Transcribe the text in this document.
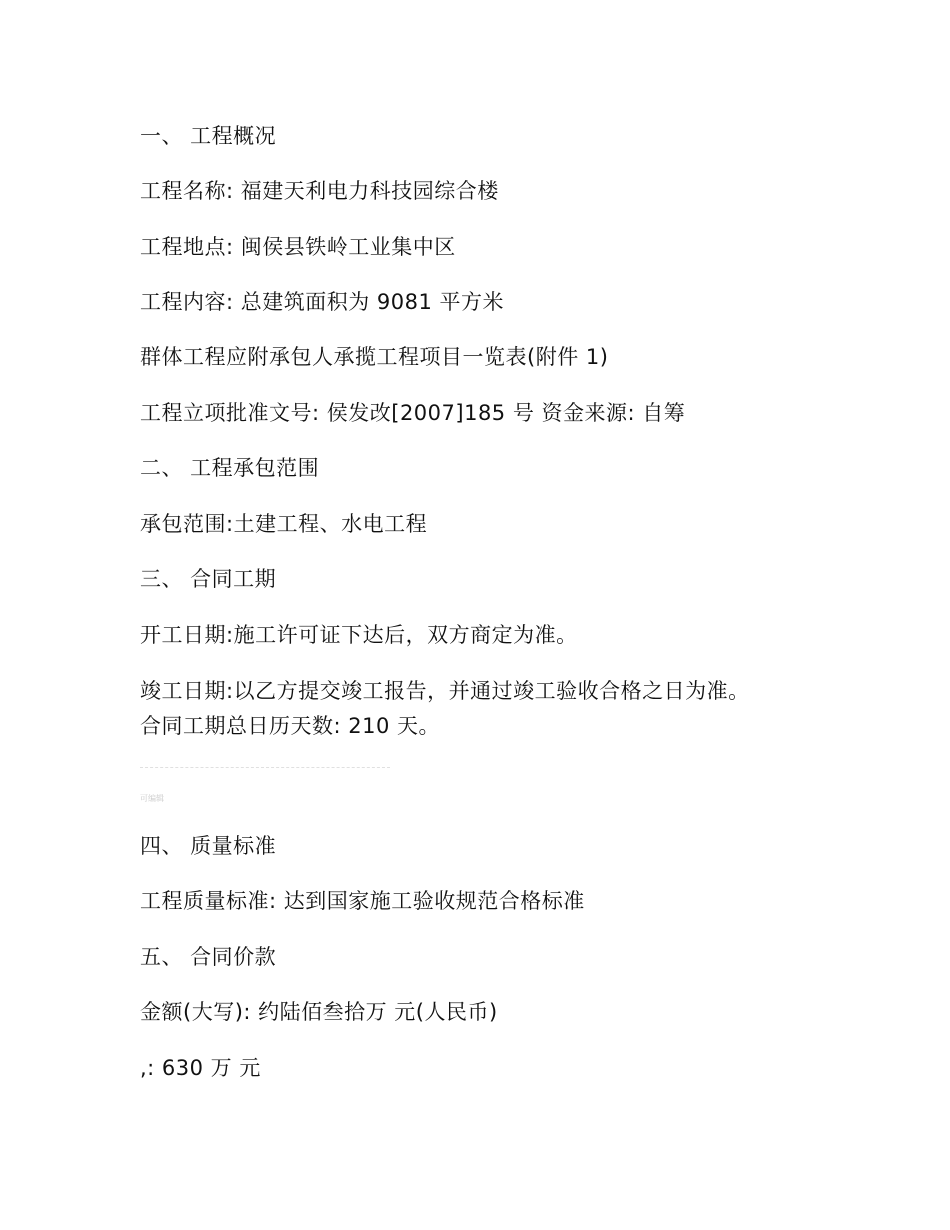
一、 工程概况
工程名称: 福建天利电力科技园综合楼
工程地点: 闽侯县铁岭工业集中区
工程内容: 总建筑面积为 9081 平方米
群体工程应附承包人承揽工程项目一览表(附件 1)
工程立项批准文号: 侯发改[2007]185 号 资金来源: 自筹
二、 工程承包范围
承包范围:土建工程、水电工程
三、 合同工期
开工日期:施工许可证下达后，双方商定为准。
竣工日期:以乙方提交竣工报告，并通过竣工验收合格之日为准。
合同工期总日历天数: 210 天。
可编辑
四、 质量标准
工程质量标准: 达到国家施工验收规范合格标准
五、 合同价款
金额(大写): 约陆佰叁拾万 元(人民币)
,: 630 万 元
